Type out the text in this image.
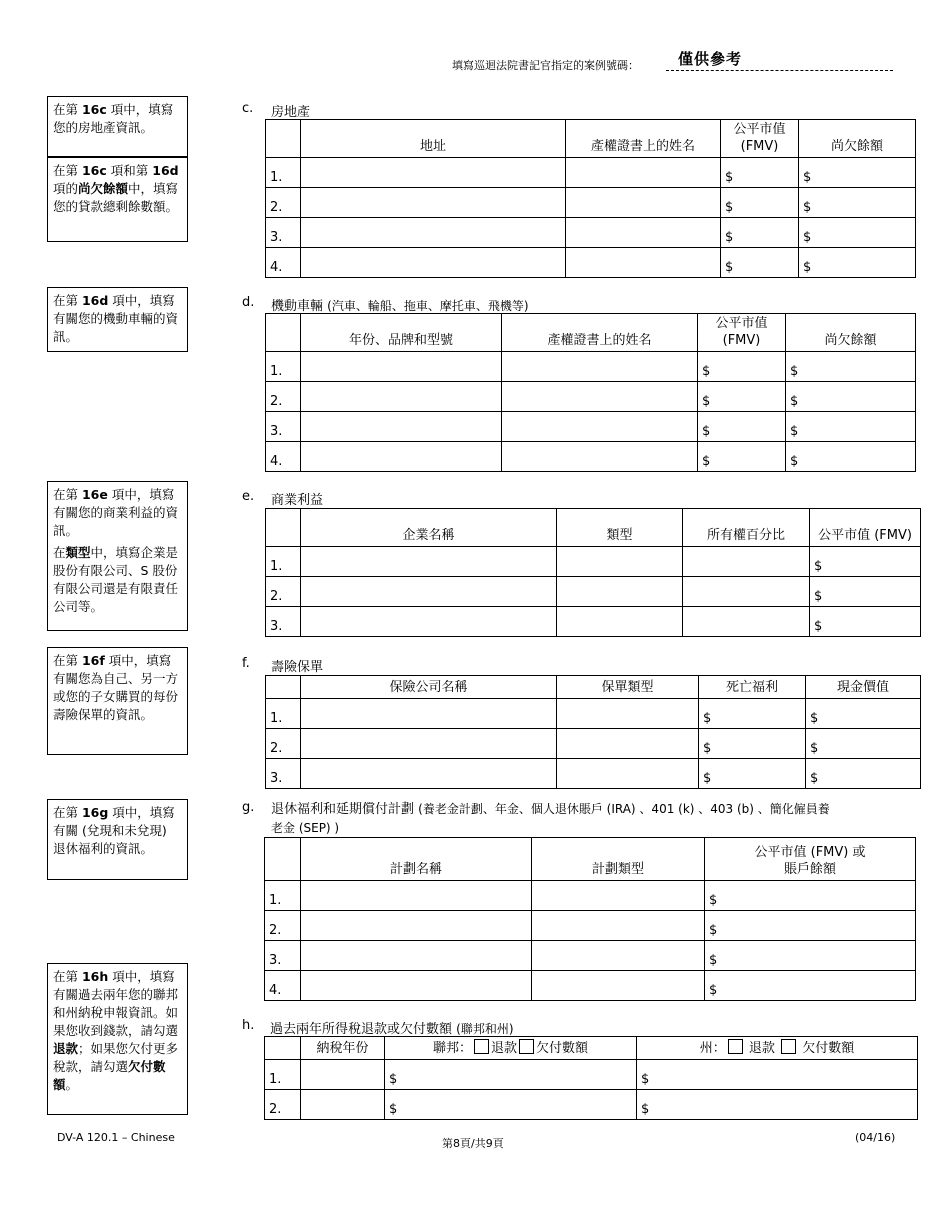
填寫巡迴法院書記官指定的案例號碼：	僅供參考

在第 16c 項中，填寫您的房地產資訊。

在第 16c 項和第 16d 項的尚欠餘額中，填寫您的貸款總剩餘數額。

在第 16d 項中，填寫有關您的機動車輛的資訊。

在第 16e 項中，填寫有關您的商業利益的資訊。

在類型中，填寫企業是股份有限公司、S 股份有限公司還是有限責任公司等。

在第 16f 項中，填寫有關您為自己、另一方或您的子女購買的每份壽險保單的資訊。

在第 16g 項中，填寫有關 (兌現和未兌現) 退休福利的資訊。

在第 16h 項中，填寫有關過去兩年您的聯邦和州納稅申報資訊。如果您收到錢款，請勾選退款；如果您欠付更多稅款，請勾選欠付數額。

c. 房地產
	地址	產權證書上的姓名	公平市值 (FMV)	尚欠餘額
1.			$	$
2.			$	$
3.			$	$
4.			$	$
d. 機動車輛 (汽車、輪船、拖車、摩托車、飛機等)
	年份、品牌和型號	產權證書上的姓名	公平市值 (FMV)	尚欠餘額
1.			$	$
2.			$	$
3.			$	$
4.			$	$
e. 商業利益
	企業名稱	類型	所有權百分比	公平市值 (FMV)
1.				$
2.				$
3.				$
f. 壽險保單
	保險公司名稱	保單類型	死亡福利	現金價值
1.			$	$
2.			$	$
3.			$	$
g. 退休福利和延期償付計劃 (養老金計劃、年金、個人退休賬戶 (IRA) 、401 (k) 、403 (b) 、簡化僱員養
老金 (SEP) )
	計劃名稱	計劃類型	公平市值 (FMV) 或
賬戶餘額
1.			$
2.			$
3.			$
4.			$
h. 過去兩年所得稅退款或欠付數額 (聯邦和州)
	納稅年份	聯邦： 退款 欠付數額	州： 退款 欠付數額
1.		$	$
2.		$	$
DV-A 120.1 – Chinese	第8頁/共9頁	(04/16)
